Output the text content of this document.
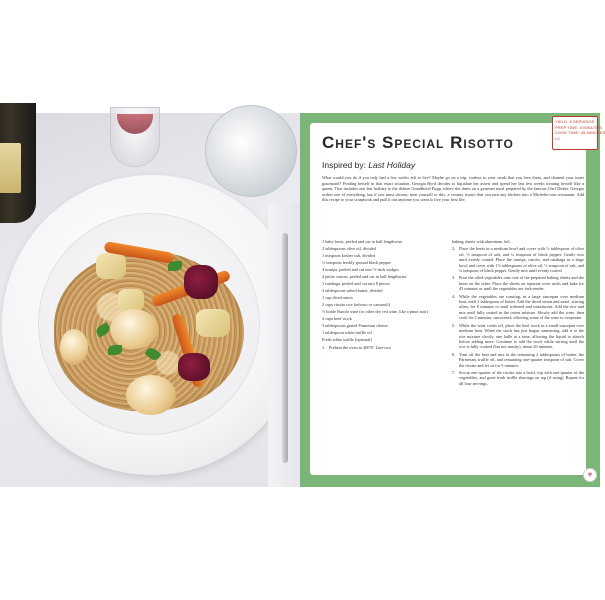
YIELD: 8 SERVINGS
PREP TIME: 5 MINUTES
COOK TIME: 45 MINUTES
LC
Chef's Special Risotto
Inspired by: Last Holiday

What would you do if you only had a few weeks left to live? Maybe go on a trip, confess to your crush that you love them, and channel your inner gourmand? Finding herself in that exact situation, Georgia Byrd decides to liquidate her assets and spend her last few weeks treating herself like a queen. That includes one last holiday to the deluxe Grandhotel Pupp, where she dines on a gourmet meal prepared by the famous Chef Didier. Georgia orders one of everything, but if you must choose, treat yourself to this: a creamy risotto that can turn any kitchen into a Michelin-star restaurant. Add this recipe to your scrapbook and pull it out anytime you want to live your best life.

1 baby beets, peeled and cut in half lengthwise
2 tablespoons olive oil, divided
1 teaspoon kosher salt, divided
½ teaspoon freshly ground black pepper
4 turnips, peeled and cut into ½-inch wedges
4 petite carrots, peeled and cut in half lengthwise
1 rutabaga, peeled and cut into 8 pieces
3 tablespoons salted butter, divided
1 cup diced onion
2 cups risotto rice (arborio or carnaroli)
½ bottle Barolo wine (or other dry red wine, like a pinot noir)
4 cups beef stock
3 tablespoons grated Parmesan cheese
1 tablespoon white truffle oil
Fresh white truffle (optional)
1. Preheat the oven to 400°F. Line two
baking sheets with aluminum foil.
2. Place the beets in a medium bowl and cover with ½ tablespoon of olive oil, ½ teaspoon of salt, and ¼ teaspoon of black pepper. Gently mix until evenly coated. Place the turnips, carrots, and rutabaga in a large bowl and cover with 1½ tablespoons of olive oil, ½ teaspoon of salt, and ¼ teaspoon of black pepper. Gently mix until evenly coated.
3. Pour the oiled vegetables onto one of the prepared baking sheets and the beets on the other. Place the sheets on separate oven racks and bake for 45 minutes or until the vegetables are fork-tender.
4. While the vegetables are roasting, in a large saucepan over medium heat, melt 1 tablespoon of butter. Add the diced onion and sauté, stirring often, for 8 minutes or until softened and translucent. Add the rice and mix until fully coated in the onion mixture. Slowly add the wine, then cook for 5 minutes, uncovered, allowing some of the wine to evaporate.
5. While the wine cooks off, place the beef stock in a small saucepan over medium heat. When the stock has just begun simmering, add it to the rice mixture slowly, one ladle at a time, allowing the liquid to absorb before adding more. Continue to add the stock while stirring until the rice is fully cooked (but not mushy), about 20 minutes.
6. Turn off the heat and mix in the remaining 2 tablespoons of butter, the Parmesan, truffle oil, and remaining one-quarter teaspoon of salt. Cover the risotto and let sit for 5 minutes.
7. Scoop one-quarter of the risotto into a bowl, top with one-quarter of the vegetables, and grate fresh truffle shavings on top (if using). Repeat for all four servings.
♥
